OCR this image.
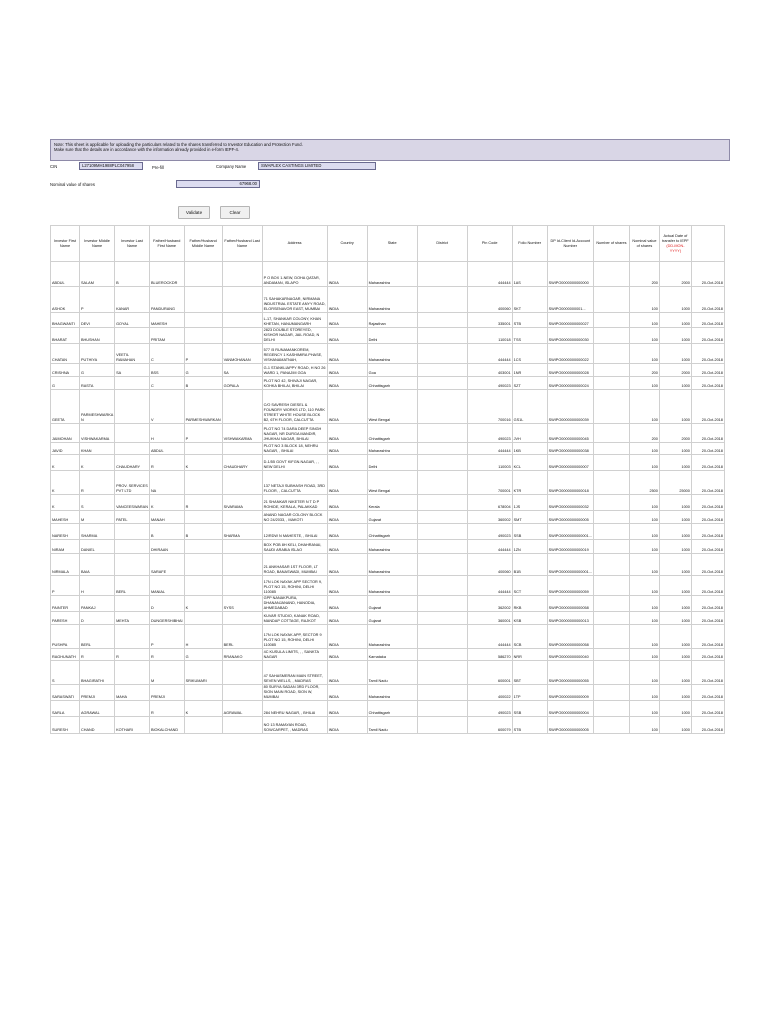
Note: This sheet is applicable for uploading the particulars related to the shares transferred to Investor Education and Protection Fund.
Make sure that the details are in accordance with the information already provided in e-form IEPF-4.
CIN	L27109MH1988PLC047958	Pre-fill	Company Name	SWAPLEX CASTINGS LIMITED
Nominal value of shares	67968.00
Validate	Clear
Investor First Name	Investor Middle Name	Investor Last Name	Father/Husband First Name	Father/Husband Middle Name	Father/Husband Last Name	Address	Country	State	District	Pin Code	Folio Number	DP Id-Client Id-Account Number	Number of shares	Nominal value of shares	Actual Date of transfer to IEPF (DD-MON-YYYY)	
ABDUL	SALAM	B	BLUEROCKDR			P O BOX 1-NEW, DOHA QATAR, ANDAMAN, ISLAPO	INDIA	Maharashtra		444444	1AS	SWIPO0000000000000		200	2000	20-Oct-2018
ASHOK	P	KANAR	PANDURANG			71 SAHAKARNAGAR, NIRMANA INDUSTRIAL ESTATE ANYY ROAD, ELORSENAVOR EAST, MUMBAI	INDIA	Maharashtra		400060	SKT	SWIPO0000000001...		100	1000	20-Oct-2018
BHAGWANTI	DEVI	GOYAL	MAHESH			L-17, SHANKAR COLONY, KHAN KHETAN, HANUMANGARH	INDIA	Rajasthan		335001	STB	SWIPO0000000000027		100	1000	20-Oct-2018
BHARAT	BHUSHAN		PRITAM			2823 DOUBLE STOREYED, KISHOR NAGAR, JAIL ROAD, N DELHI	INDIA	Delhi		110018	TSS	SWIPO0000000000030		100	1000	20-Oct-2018
CHATAN	PUTHIYA	VEETIL RAMAHAN	C	P	VANMOHANAN	577 /5 RUNAMANKOREM, REGENCY 1 KASHIMIRA PHASE, VISHANAMATNAH,	INDIA	Maharashtra		444444	1CS	SWIPO0000000000022		100	1000	20-Oct-2018
CRISHNA	G	SA	BSS	G	SA	G-1 STANKLIAPPY ROAD, H NO 26 WARD 1, PANAJIM GOA	INDIA	Goa		403001	1NR	SWIPO0000000000028		200	2000	20-Oct-2018
G	RASTA		C	B	GOPALA	PLOT NO 42, SHIVAJI NAGAR, KOHKA BHILAI, BHILAI	INDIA	Chhattisgarh		490023	SZT	SWIPO0000000000024		100	1000	20-Oct-2018
GEETA	PARMESHWARKA N		V	PARMESHWARKAN		C/O SAVRESH DIESEL & FOUNDRY WORKS LTD, 110 PARK STREET WHITE HOUSE BLOCK B2, 6TH FLOOR, CALCUTTA	INDIA	West Bengal		700016	GS1L	SWIPO0000000000039		100	1000	20-Oct-2018
JAIMOHAN	VISHWAKARMA		H	P	VISHWAKARMA	PLOT NO 74 DARA DEEP SINGH NAGAR, NR DURGA MANDIR, JHUKHAI NAGAR, BHILAI	INDIA	Chhattisgarh		490023	JVH	SWIPO0000000000045		200	2000	20-Oct-2018
JAVID	KHAN		ABDUL			PLOT NO 3 BLOCK 18, NEHRU NAGAR, , BHILAI	INDIA	Maharashtra		444444	1KB	SWIPO0000000000038		100	1000	20-Oct-2018
K	K	CHAUDHARY	R	K	CHAUDHARY	D-1/55 GOVT KIFGN.NAGAR, , , NEW DELHI	INDIA	Delhi		110003	KCL	SWIPO0000000000007		100	1000	20-Oct-2018
K	R	PROV. SERVICES PVT LTD	NA			137 NETAJI SUBHASH ROAD, 3RD FLOOR, , CALCUTTA	INDIA	West Bengal		700001	KTR	SWIPO0000000000018		2500	25000	20-Oct-2018
K	S	VANCEESWARAN	K	R	SIVARAMA	21 SHANKAR NIKETER N T D P ROHIDE, KERALA, PALAKKAD	INDIA	Kerala		678004	1JS	SWIPO0000000000032		100	1000	20-Oct-2018
MAHESH	M	PATEL	MANAH			ANAND NAGAR COLONY BLOCK NO 24/2033, , MAKOTI	INDIA	Gujarat		360002	SMT	SWIPO0000000000005		100	1000	20-Oct-2018
NARESH	SHARMA		B	B	SHARMA	12/RDW N MAHESTE, , BHILAI	INDIA	Chhattisgarh		490023	SSB	SWIPO0000000000001...		100	1000	20-Oct-2018
NIRAM	DANIEL		DHIRAAN			BOX POB 8H KELI, DHAHRANAI, SAUDI ARABIA ISLAO	INDIA	Maharashtra		444444	1ZN	SWIPO0000000000019		100	1000	20-Oct-2018
NIRMALA	BAIA		SARAFE			21 ANKHASAR 1ST FLOOR, LT ROAD, BANASWADI, MUMBAI	INDIA	Maharashtra		400060	B1B	SWIPO0000000000001...		100	1000	20-Oct-2018
P	H	BERL	MANIAL			17N LOK NAYAK APP SECTOR 9, PLOT NO 15, ROHINI, DELHI 110085	INDIA	Maharashtra		444444	SCT	SWIPO0000000000059		100	1000	20-Oct-2018
PAINTER	PANKAJ		D	K	SYSS	GPP NANAKPURA, DHANANJANAND, HANODIA, AHMEDABAD	INDIA	Gujarat		362002	RKB	SWIPO0000000000058		100	1000	20-Oct-2018
PARESH	D	MEHTA	DUNGERSHIBHAI			KUVAR STUDIO, KANAK ROAD, MANDAP COTTAGE, RAJKOT	INDIA	Gujarat		360001	KSB	SWIPO0000000000013		100	1000	20-Oct-2018
PUSHPA	BERL		P	H	BERL	17N LOK NAYAK APP, SECTOR 9 PLOT NO 15, ROHINI, DELHI 110085	INDIA	Maharashtra		444444	SCB	SWIPO0000000000058		100	1000	20-Oct-2018
RAGHUNATH	R	R	R	G	RRANAKO	4C KUSULA LIMITS, , , SANKTA NAGAR	INDIA	Karnataka		586270	NRR	SWIPO0000000000040		100	1000	20-Oct-2018
S	BHAGIRATHI		M	SRIKUMARI		47 SAHASMERAN MAIN STREET, SEVEN WELLS, , MADRAS	INDIA	Tamil Nadu		600001	SBT	SWIPO0000000000055		100	1000	20-Oct-2018
SARASWATI	PREMJI	MAHA	PREMJI			80 SURYA SADAN 3RD FLOOR, SION MAIN ROAD, SION W, MUMBAI	INDIA	Maharashtra		400022	1TP	SWIPO0000000000009		100	1000	20-Oct-2018
SARLA	AGRAWAL		R	K	AGRAWAL	284 NEHRU NAGAR, , BHILAI	INDIA	Chhattisgarh		490023	SSB	SWIPO0000000000004		100	1000	20-Oct-2018
SURESH	CHAND	KOTHARI	BIOKALCHAND			NO 13 RAMAYAN ROAD, SOWCARPET, , MADRAS	INDIA	Tamil Nadu		600079	STB	SWIPO0000000000005		100	1000	20-Oct-2018
